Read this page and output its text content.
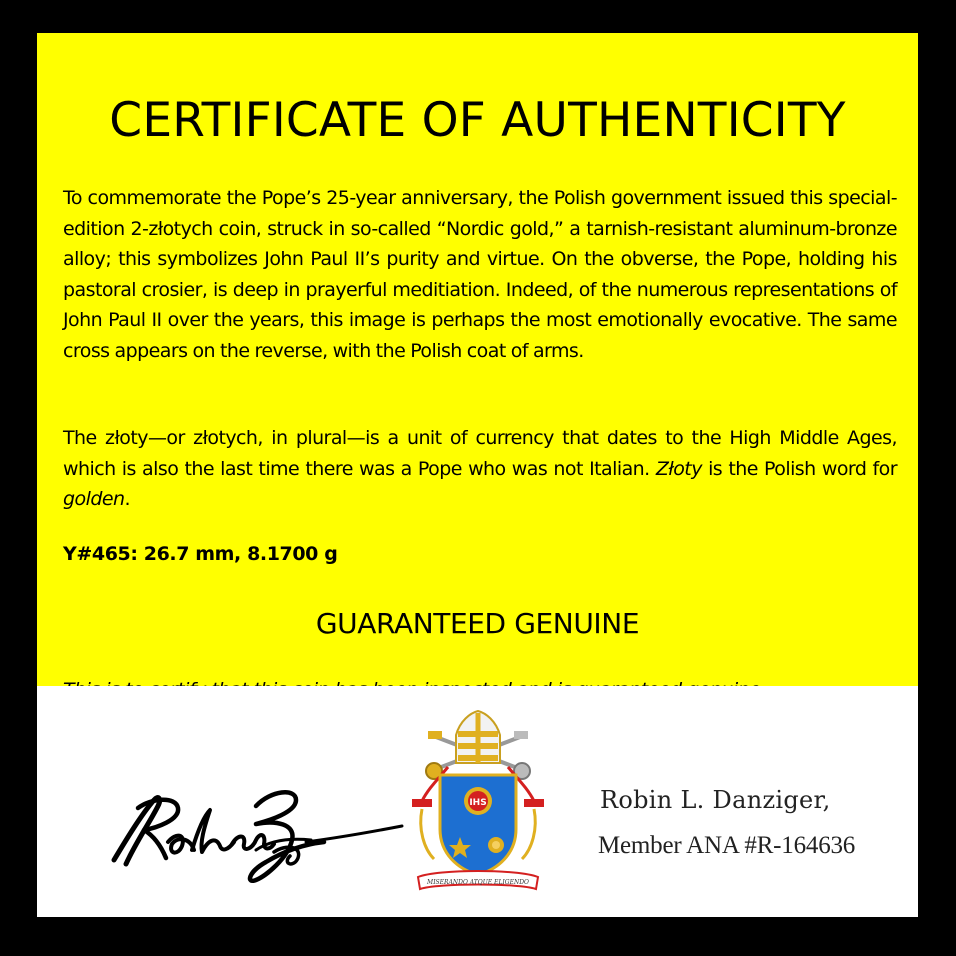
CERTIFICATE OF AUTHENTICITY
To commemorate the Pope’s 25-year anniversary, the Polish government issued this special-edition 2-złotych coin, struck in so-called “Nordic gold,” a tarnish-resistant aluminum-bronze alloy; this symbolizes John Paul II’s purity and virtue. On the obverse, the Pope, holding his pastoral crosier, is deep in prayerful meditiation. Indeed, of the numerous representations of John Paul II over the years, this image is perhaps the most emotionally evocative. The same cross appears on the reverse, with the Polish coat of arms.
The złoty—or złotych, in plural—is a unit of currency that dates to the High Middle Ages, which is also the last time there was a Pope who was not Italian. Złoty is the Polish word for golden.
Y#465: 26.7 mm, 8.1700 g
GUARANTEED GENUINE
IHS
MISERANDO ATQUE ELIGENDO
Robin L. Danziger,
Member ANA #R-164636
